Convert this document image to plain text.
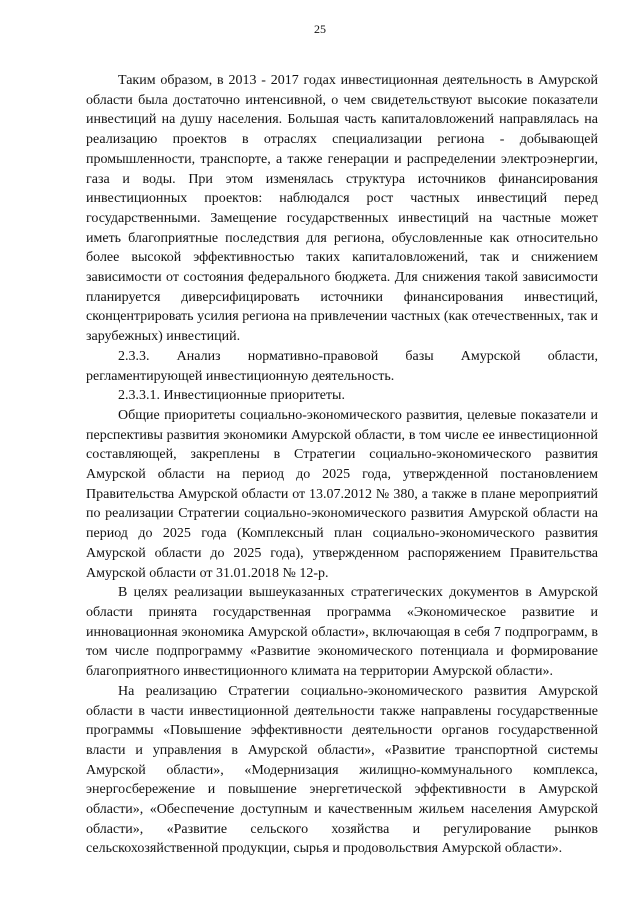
25

Таким образом, в 2013 - 2017 годах инвестиционная деятельность в Амурской области была достаточно интенсивной, о чем свидетельствуют высокие показатели инвестиций на душу населения. Большая часть капиталовложений направлялась на реализацию проектов в отраслях специализации региона - добывающей промышленности, транспорте, а также генерации и распределении электроэнергии, газа и воды. При этом изменялась структура источников финансирования инвестиционных проектов: наблюдался рост частных инвестиций перед государственными. Замещение государственных инвестиций на частные может иметь благоприятные последствия для региона, обусловленные как относительно более высокой эффективностью таких капиталовложений, так и снижением зависимости от состояния федерального бюджета. Для снижения такой зависимости планируется диверсифицировать источники финансирования инвестиций, сконцентрировать усилия региона на привлечении частных (как отечественных, так и зарубежных) инвестиций.

2.3.3. Анализ нормативно-правовой базы Амурской области, регламентирующей инвестиционную деятельность.

2.3.3.1. Инвестиционные приоритеты.

Общие приоритеты социально-экономического развития, целевые показатели и перспективы развития экономики Амурской области, в том числе ее инвестиционной составляющей, закреплены в Стратегии социально-экономического развития Амурской области на период до 2025 года, утвержденной постановлением Правительства Амурской области от 13.07.2012 № 380, а также в плане мероприятий по реализации Стратегии социально-экономического развития Амурской области на период до 2025 года (Комплексный план социально-экономического развития Амурской области до 2025 года), утвержденном распоряжением Правительства Амурской области от 31.01.2018 № 12-р.

В целях реализации вышеуказанных стратегических документов в Амурской области принята государственная программа «Экономическое развитие и инновационная экономика Амурской области», включающая в себя 7 подпрограмм, в том числе подпрограмму «Развитие экономического потенциала и формирование благоприятного инвестиционного климата на территории Амурской области».

На реализацию Стратегии социально-экономического развития Амурской области в части инвестиционной деятельности также направлены государственные программы «Повышение эффективности деятельности органов государственной власти и управления в Амурской области», «Развитие транспортной системы Амурской области», «Модернизация жилищно-коммунального комплекса, энергосбережение и повышение энергетической эффективности в Амурской области», «Обеспечение доступным и качественным жильем населения Амурской области», «Развитие сельского хозяйства и регулирование рынков сельскохозяйственной продукции, сырья и продовольствия Амурской области».
